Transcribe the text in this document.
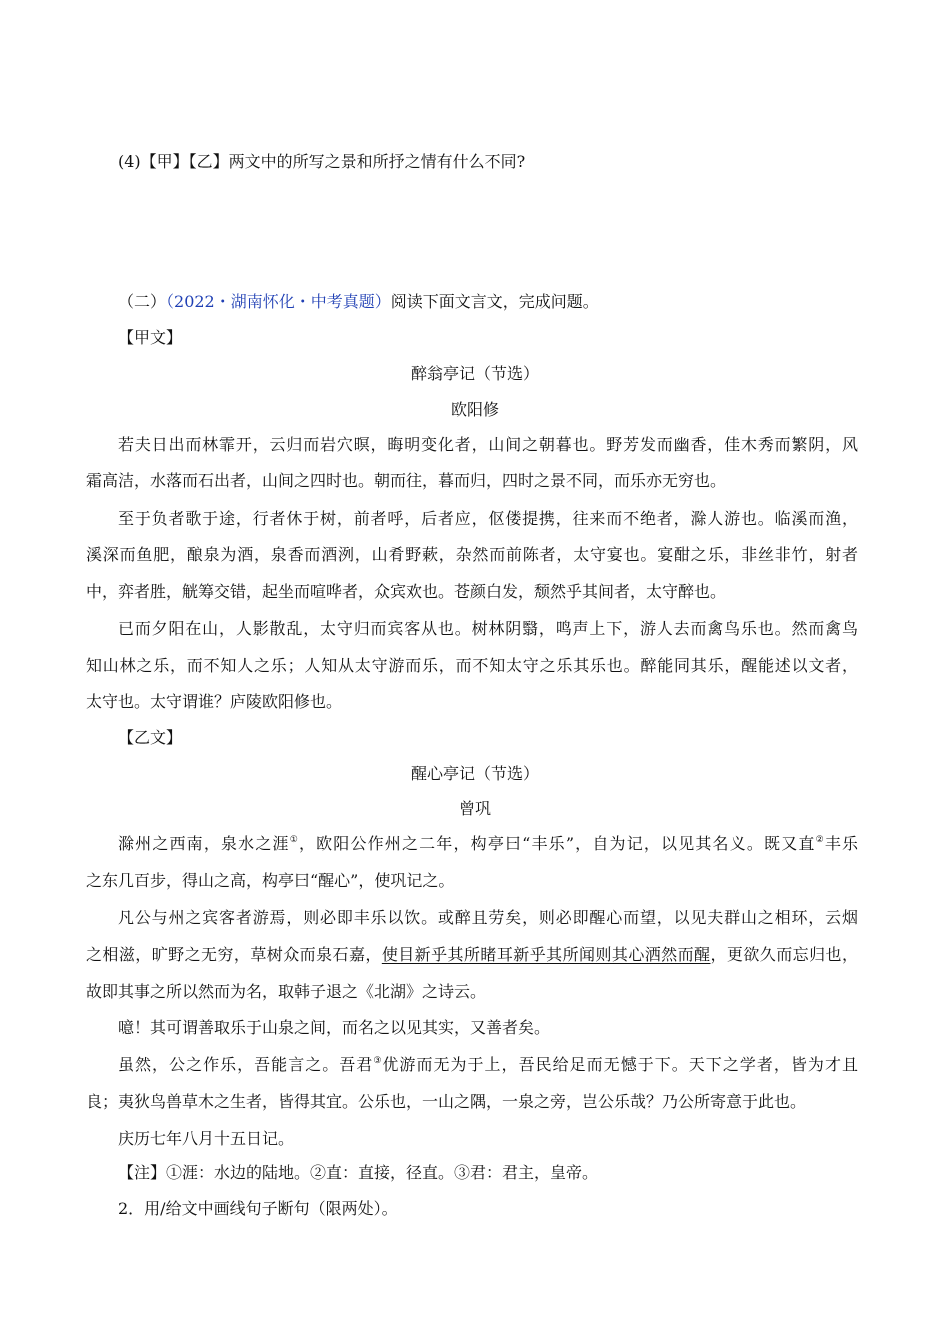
(4)【甲】【乙】两文中的所写之景和所抒之情有什么不同?
（二）（2022・湖南怀化・中考真题）阅读下面文言文，完成问题。
【甲文】
醉翁亭记（节选）
欧阳修
若夫日出而林霏开，云归而岩穴暝，晦明变化者，山间之朝暮也。野芳发而幽香，佳木秀而繁阴，风
霜高洁，水落而石出者，山间之四时也。朝而往，暮而归，四时之景不同，而乐亦无穷也。
至于负者歌于途，行者休于树，前者呼，后者应，伛偻提携，往来而不绝者，滁人游也。临溪而渔，
溪深而鱼肥，酿泉为酒，泉香而酒洌，山肴野蔌，杂然而前陈者，太守宴也。宴酣之乐，非丝非竹，射者
中，弈者胜，觥筹交错，起坐而喧哗者，众宾欢也。苍颜白发，颓然乎其间者，太守醉也。
已而夕阳在山，人影散乱，太守归而宾客从也。树林阴翳，鸣声上下，游人去而禽鸟乐也。然而禽鸟
知山林之乐，而不知人之乐；人知从太守游而乐，而不知太守之乐其乐也。醉能同其乐，醒能述以文者，
太守也。太守谓谁？庐陵欧阳修也。
【乙文】
醒心亭记（节选）
曾巩
滁州之西南，泉水之涯①，欧阳公作州之二年，构亭曰“丰乐”，自为记，以见其名义。既又直②丰乐
之东几百步，得山之高，构亭曰“醒心”，使巩记之。
凡公与州之宾客者游焉，则必即丰乐以饮。或醉且劳矣，则必即醒心而望，以见夫群山之相环，云烟
之相滋，旷野之无穷，草树众而泉石嘉，使目新乎其所睹耳新乎其所闻则其心洒然而醒，更欲久而忘归也，
故即其事之所以然而为名，取韩子退之《北湖》之诗云。
噫！其可谓善取乐于山泉之间，而名之以见其实，又善者矣。
虽然，公之作乐，吾能言之。吾君③优游而无为于上，吾民给足而无憾于下。天下之学者，皆为才且
良；夷狄鸟兽草木之生者，皆得其宜。公乐也，一山之隅，一泉之旁，岂公乐哉？乃公所寄意于此也。
庆历七年八月十五日记。
【注】①涯：水边的陆地。②直：直接，径直。③君：君主，皇帝。
2．用/给文中画线句子断句（限两处）。
